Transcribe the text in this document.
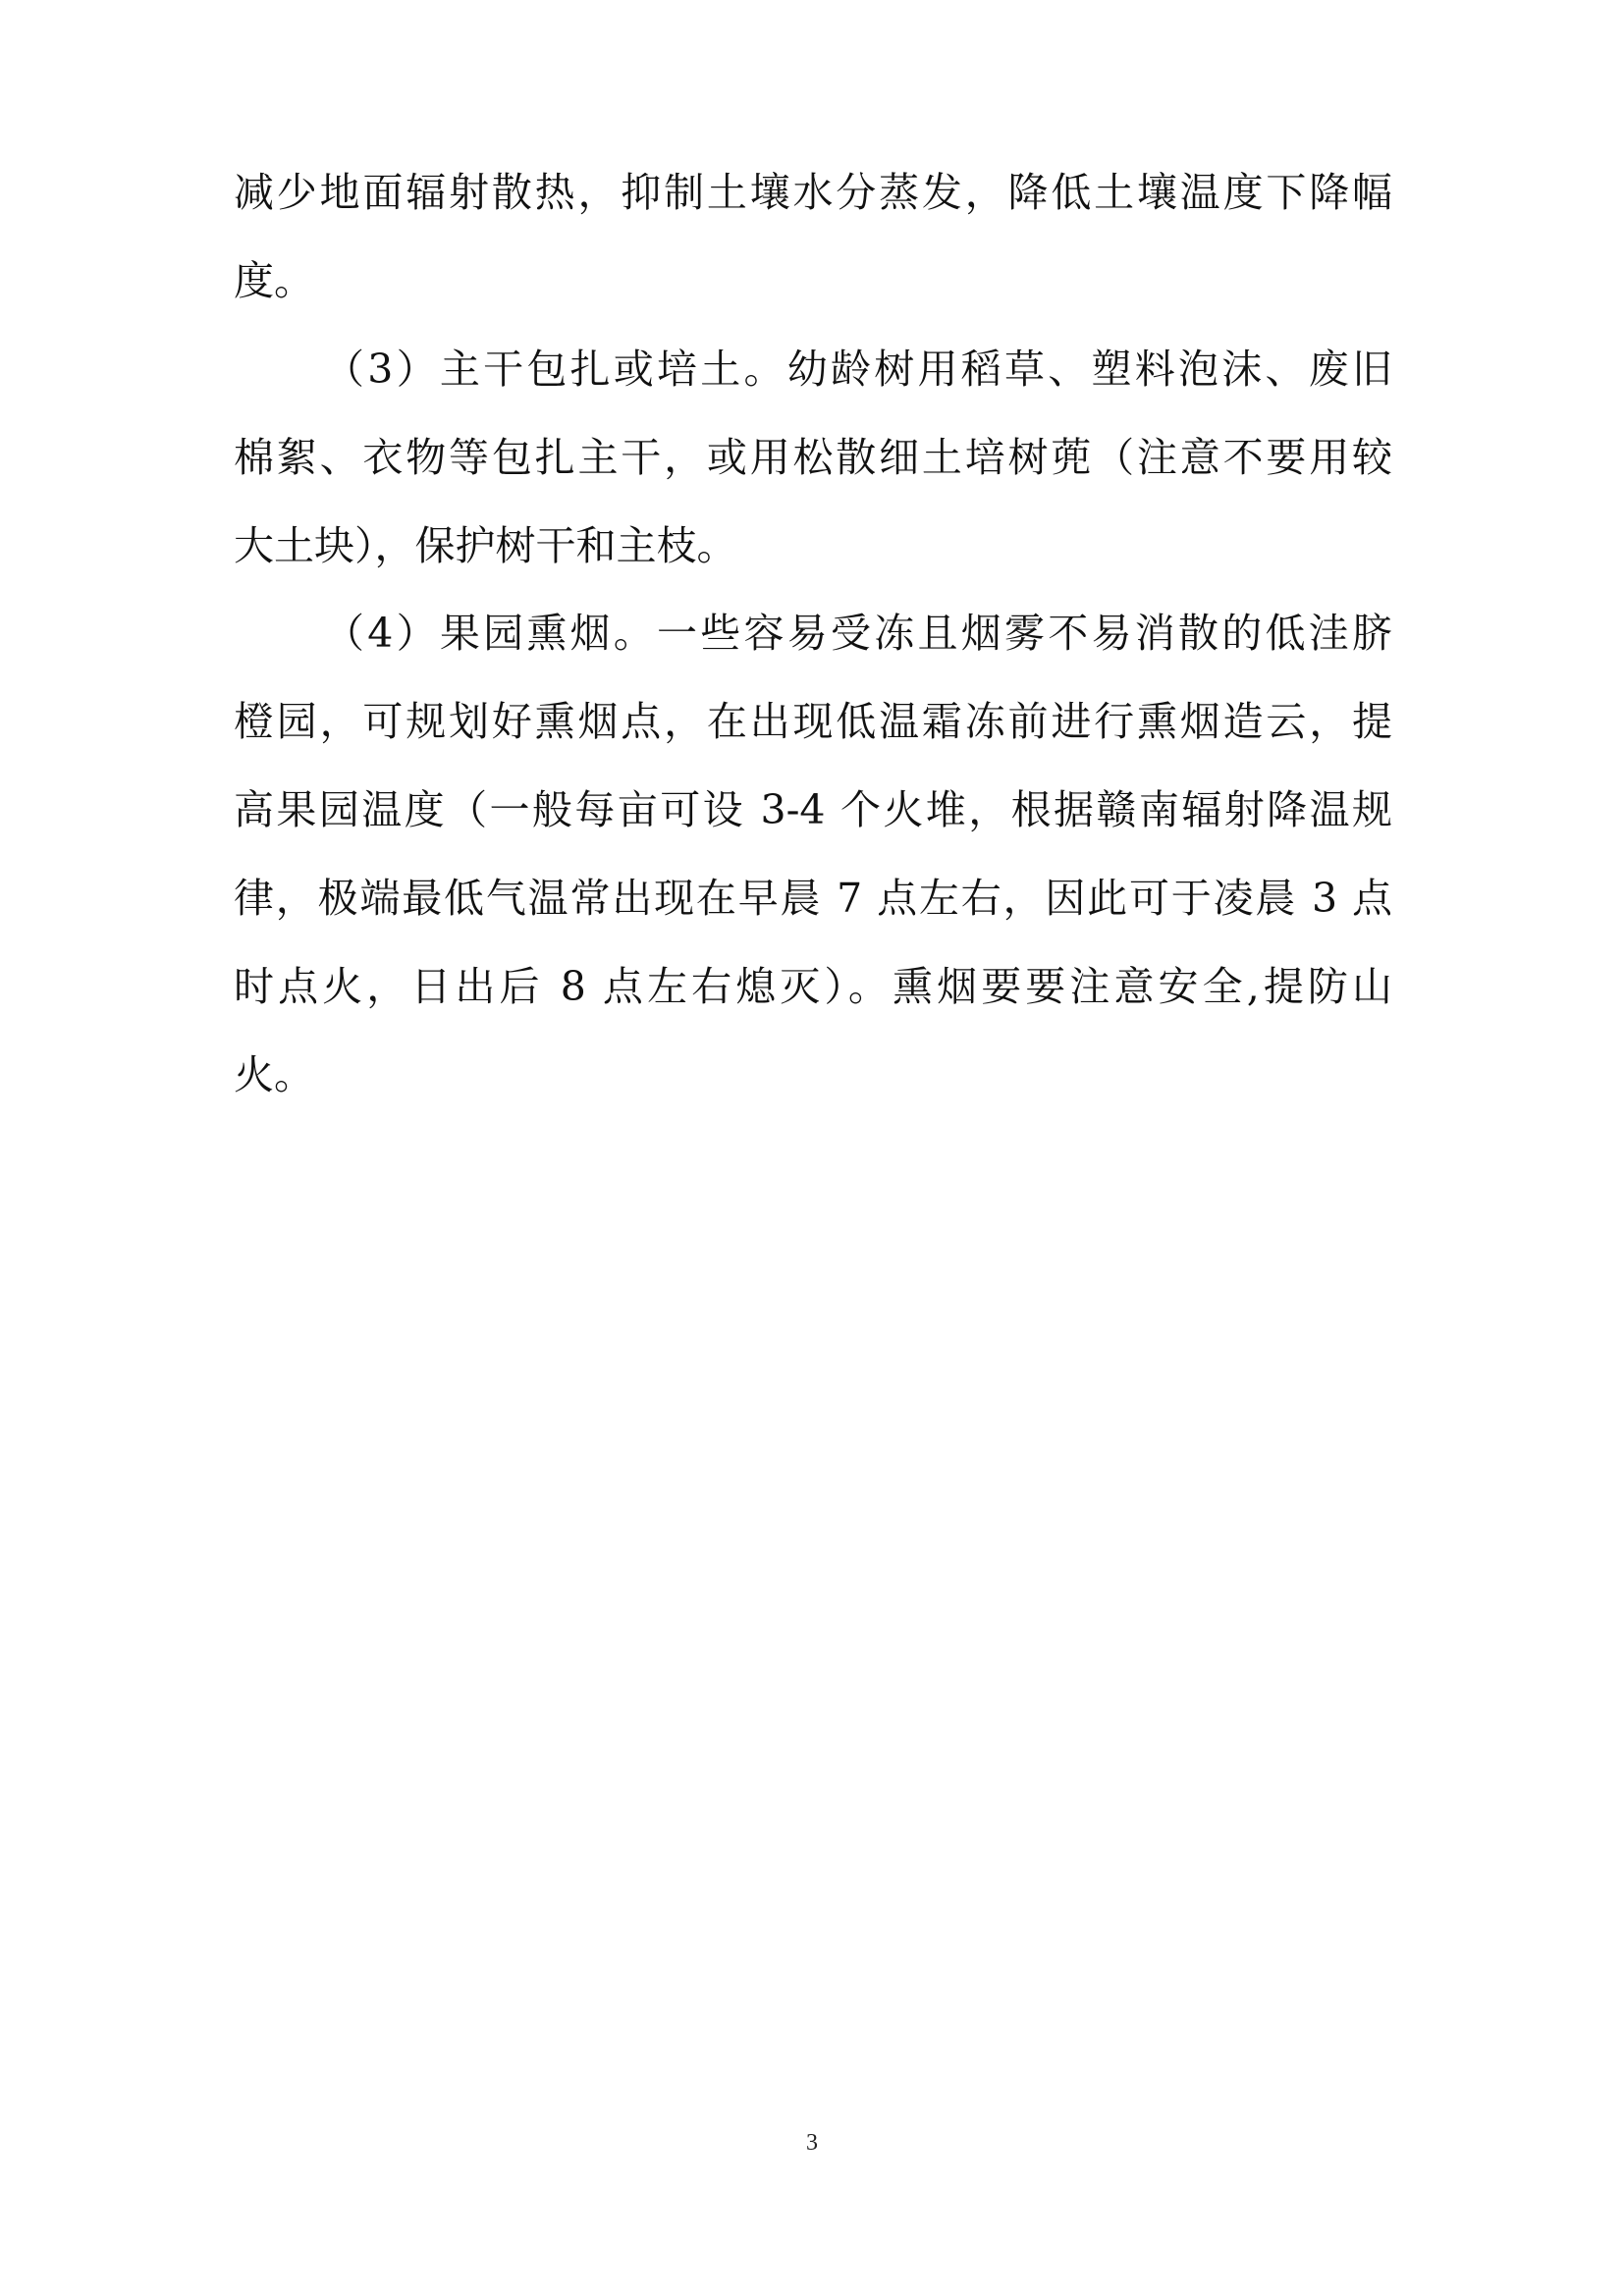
减少地面辐射散热，抑制土壤水分蒸发，降低土壤温度下降幅
度。
（3）主干包扎或培土。幼龄树用稻草、塑料泡沫、废旧
棉絮、衣物等包扎主干，或用松散细土培树蔸（注意不要用较
大土块），保护树干和主枝。
（4）果园熏烟。一些容易受冻且烟雾不易消散的低洼脐
橙园，可规划好熏烟点，在出现低温霜冻前进行熏烟造云，提
高果园温度（一般每亩可设 3-4 个火堆，根据赣南辐射降温规
律，极端最低气温常出现在早晨 7 点左右，因此可于凌晨 3 点
时点火，日出后 8 点左右熄灭）。熏烟要要注意安全,提防山
火。
3
